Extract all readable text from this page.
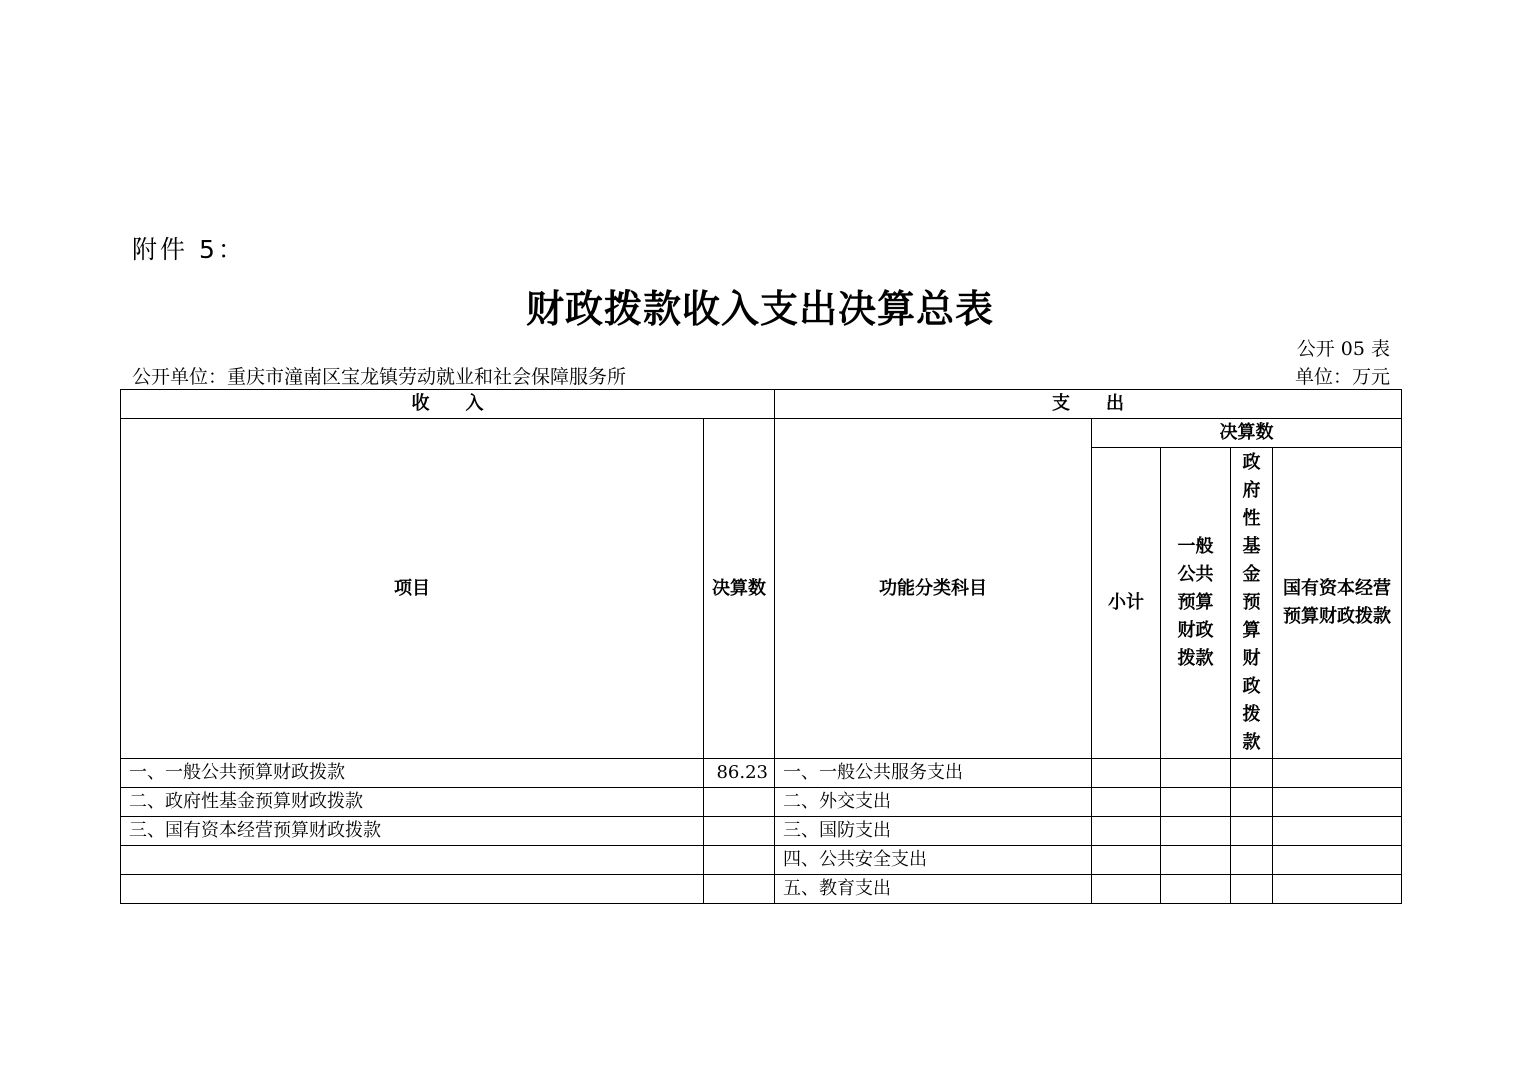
附件 5：
财政拨款收入支出决算总表
公开 05 表
公开单位：重庆市潼南区宝龙镇劳动就业和社会保障服务所	单位：万元
收　　入		支　　出				
项目	决算数	功能分类科目	决算数			
			小计	一般公共预算财政拨款	政府性基金预算财政拨款	国有资本经营预算财政拨款
一、一般公共预算财政拨款	86.23	一、一般公共服务支出				
二、政府性基金预算财政拨款		二、外交支出				
三、国有资本经营预算财政拨款		三、国防支出				
		四、公共安全支出				
		五、教育支出				
